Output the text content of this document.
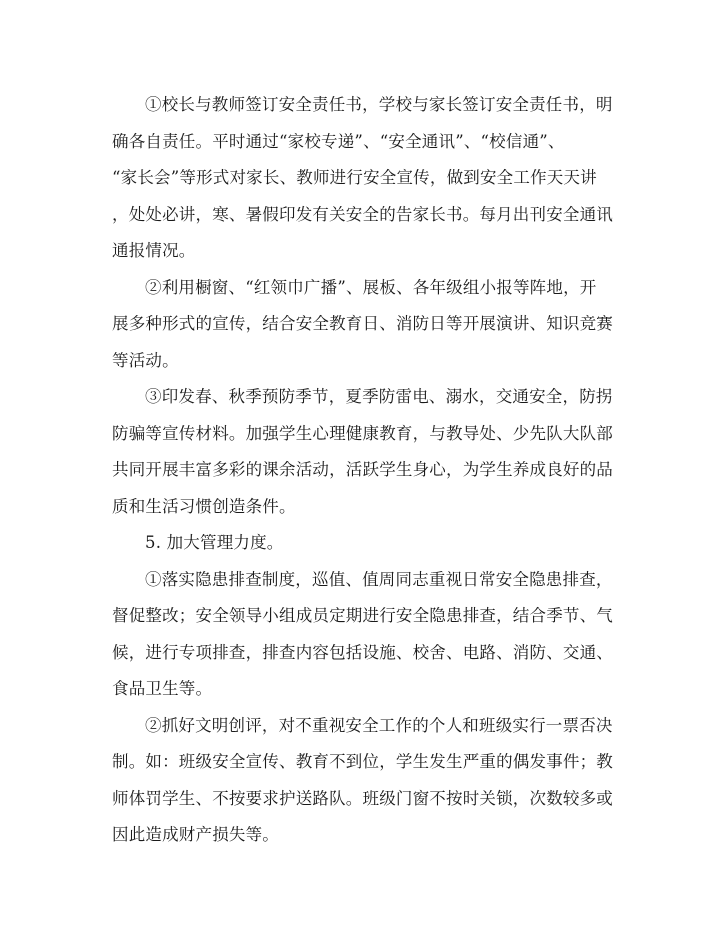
①校长与教师签订安全责任书，学校与家长签订安全责任书，明
确各自责任。平时通过“家校专递”、“安全通讯”、“校信通”、
“家长会”等形式对家长、教师进行安全宣传，做到安全工作天天讲
，处处必讲，寒、暑假印发有关安全的告家长书。每月出刊安全通讯
通报情况。
②利用橱窗、“红领巾广播”、展板、各年级组小报等阵地，开
展多种形式的宣传，结合安全教育日、消防日等开展演讲、知识竞赛
等活动。
③印发春、秋季预防季节，夏季防雷电、溺水，交通安全，防拐
防骗等宣传材料。加强学生心理健康教育，与教导处、少先队大队部
共同开展丰富多彩的课余活动，活跃学生身心，为学生养成良好的品
质和生活习惯创造条件。
5. 加大管理力度。
①落实隐患排查制度，巡值、值周同志重视日常安全隐患排查，
督促整改；安全领导小组成员定期进行安全隐患排查，结合季节、气
候，进行专项排查，排查内容包括设施、校舍、电路、消防、交通、
食品卫生等。
②抓好文明创评，对不重视安全工作的个人和班级实行一票否决
制。如：班级安全宣传、教育不到位，学生发生严重的偶发事件；教
师体罚学生、不按要求护送路队。班级门窗不按时关锁，次数较多或
因此造成财产损失等。
